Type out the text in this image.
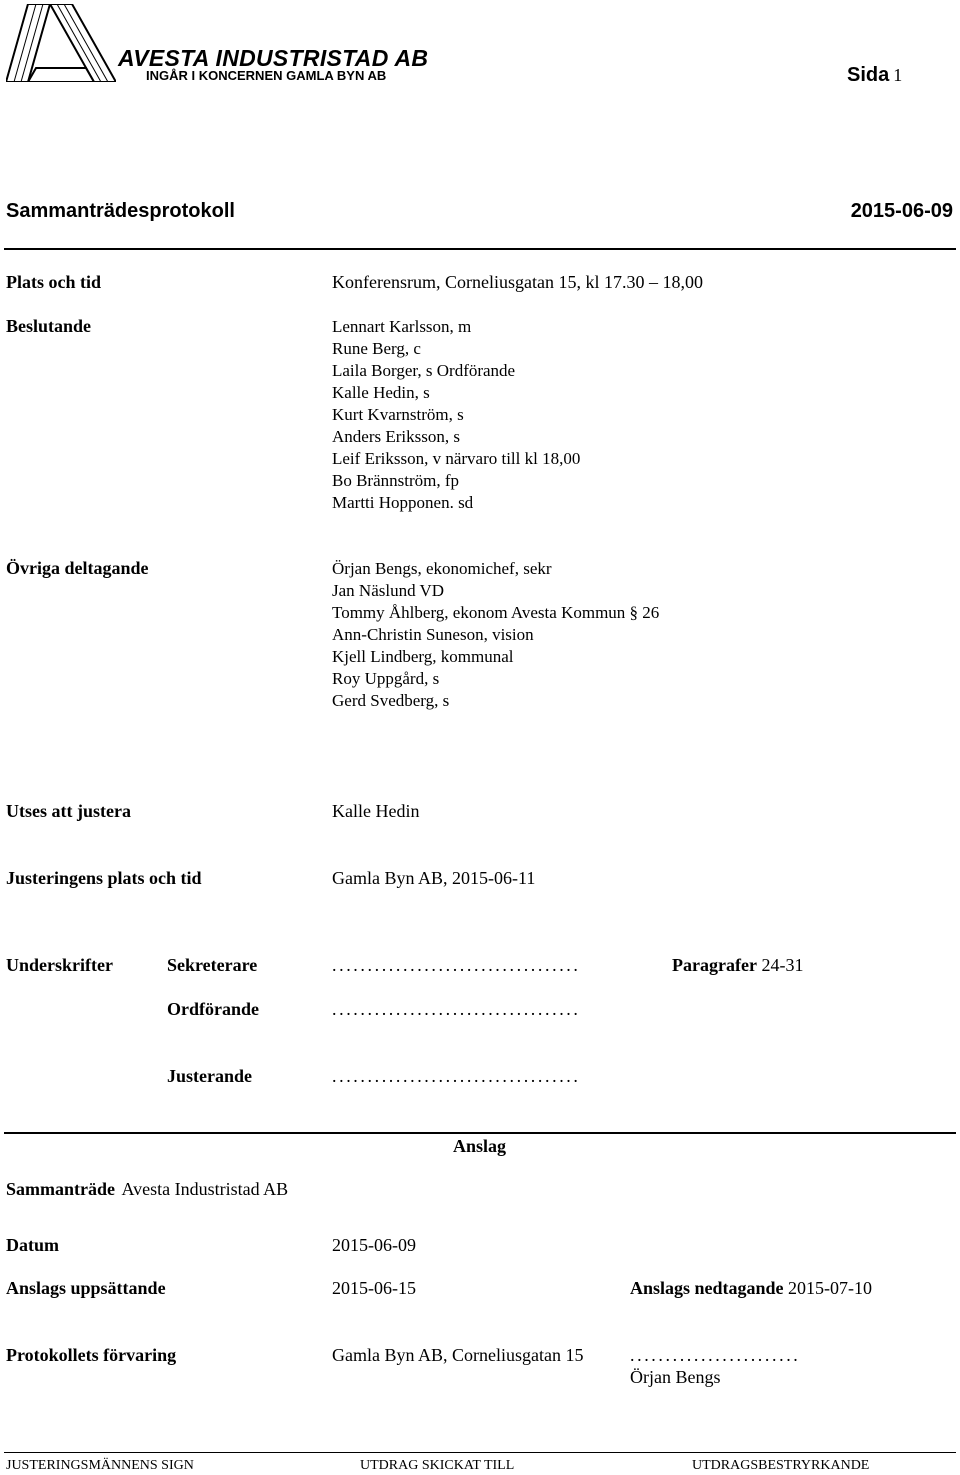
AVESTA INDUSTRISTAD AB
INGÅR I KONCERNEN GAMLA BYN AB	Sida 1
Sammanträdesprotokoll	2015-06-09
Plats och tid	Konferensrum, Corneliusgatan 15, kl 17.30 – 18,00
Beslutande	Lennart Karlsson, m
Rune Berg, c
Laila Borger, s Ordförande
Kalle Hedin, s
Kurt Kvarnström, s
Anders Eriksson, s
Leif Eriksson, v närvaro till kl 18,00
Bo Brännström, fp
Martti Hopponen. sd
Övriga deltagande	Örjan Bengs, ekonomichef, sekr
Jan Näslund VD
Tommy Åhlberg, ekonom Avesta Kommun § 26
Ann-Christin Suneson, vision
Kjell Lindberg, kommunal
Roy Uppgård, s
Gerd Svedberg, s
Utses att justera	Kalle Hedin
Justeringens plats och tid	Gamla Byn AB, 2015-06-11
Underskrifter	Sekreterare	...................................	Paragrafer 24-31
Ordförande	...................................
Justerande	...................................
Anslag
Sammanträde Avesta Industristad AB
Datum	2015-06-09
Anslags uppsättande	2015-06-15	Anslags nedtagande 2015-07-10
Protokollets förvaring	Gamla Byn AB, Corneliusgatan 15	........................
Örjan Bengs
JUSTERINGSMÄNNENS SIGN	UTDRAG SKICKAT TILL	UTDRAGSBESTRYRKANDE
